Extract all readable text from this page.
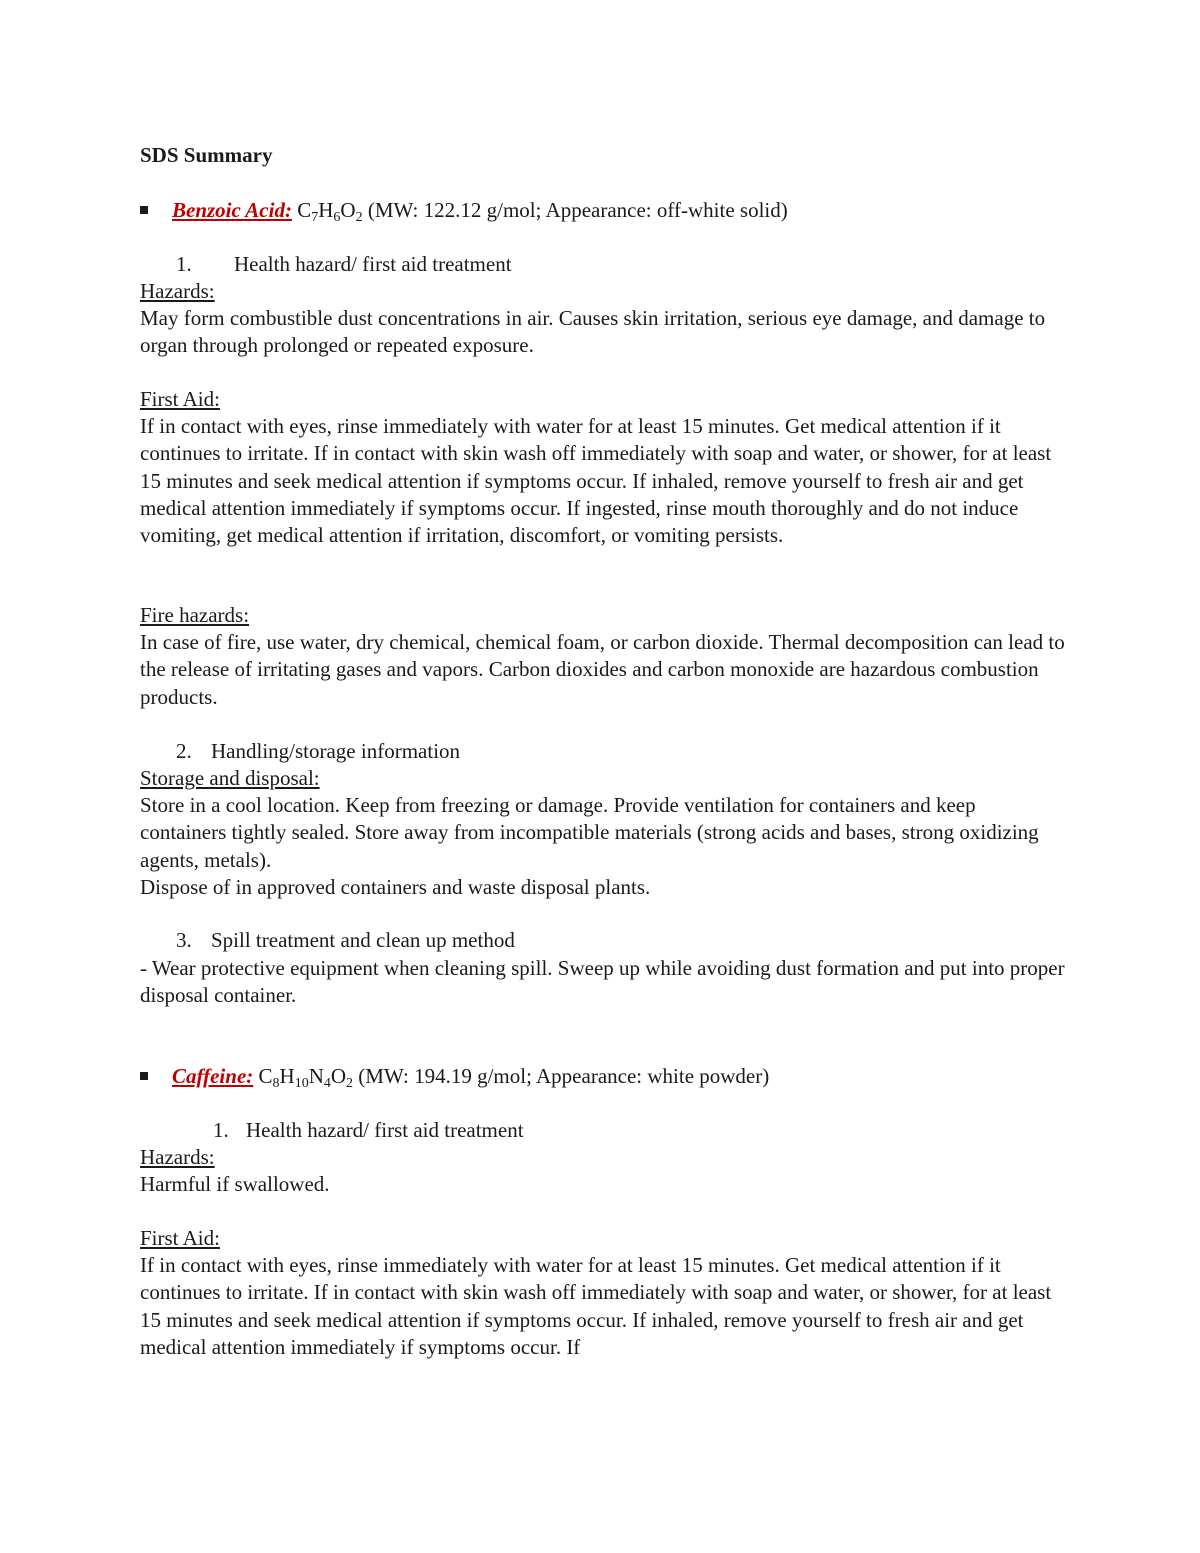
SDS Summary
Benzoic Acid: $C_7H_6O_2$ (MW: 122.12 g/mol; Appearance: off-white solid)
1. Health hazard/ first aid treatment
Hazards:
May form combustible dust concentrations in air. Causes skin irritation, serious eye damage, and damage to organ through prolonged or repeated exposure.
First Aid:
If in contact with eyes, rinse immediately with water for at least 15 minutes. Get medical attention if it continues to irritate. If in contact with skin wash off immediately with soap and water, or shower, for at least 15 minutes and seek medical attention if symptoms occur. If inhaled, remove yourself to fresh air and get medical attention immediately if symptoms occur. If ingested, rinse mouth thoroughly and do not induce vomiting, get medical attention if irritation, discomfort, or vomiting persists.
Fire hazards:
In case of fire, use water, dry chemical, chemical foam, or carbon dioxide. Thermal decomposition can lead to the release of irritating gases and vapors. Carbon dioxides and carbon monoxide are hazardous combustion products.
2. Handling/storage information
Storage and disposal:
Store in a cool location. Keep from freezing or damage. Provide ventilation for containers and keep containers tightly sealed. Store away from incompatible materials (strong acids and bases, strong oxidizing agents, metals).
Dispose of in approved containers and waste disposal plants.
3. Spill treatment and clean up method
- Wear protective equipment when cleaning spill. Sweep up while avoiding dust formation and put into proper disposal container.
Caffeine: $C_8H_{10}N_4O_2$ (MW: 194.19 g/mol; Appearance: white powder)
1. Health hazard/ first aid treatment
Hazards:
Harmful if swallowed.
First Aid:
If in contact with eyes, rinse immediately with water for at least 15 minutes. Get medical attention if it continues to irritate. If in contact with skin wash off immediately with soap and water, or shower, for at least 15 minutes and seek medical attention if symptoms occur. If inhaled, remove yourself to fresh air and get medical attention immediately if symptoms occur. If
